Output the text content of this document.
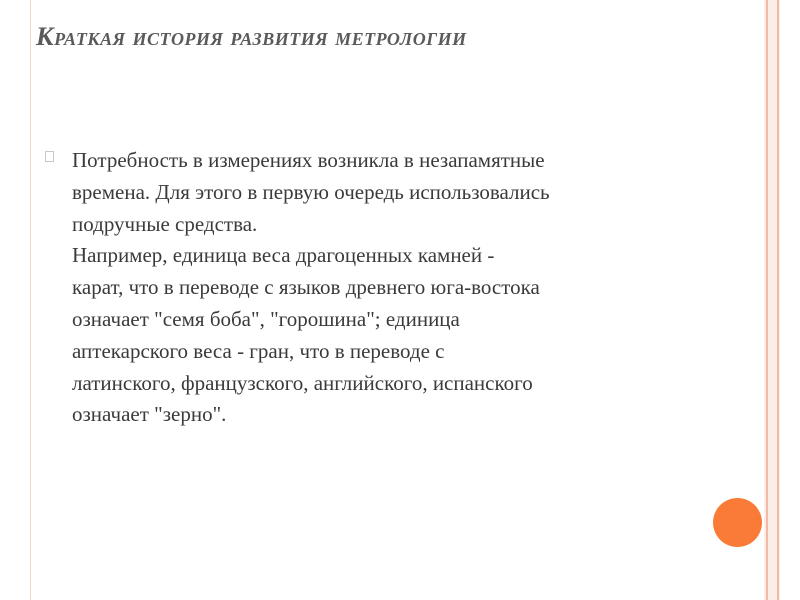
Краткая история развития метрологии
Потребность в измерениях возникла в незапамятные
времена. Для этого в первую очередь использовались
подручные средства.
Например, единица веса драгоценных камней -
карат, что в переводе с языков древнего юга-востока
означает "семя боба", "горошина"; единица
аптекарского веса - гран, что в переводе с
латинского, французского, английского, испанского
означает "зерно".
